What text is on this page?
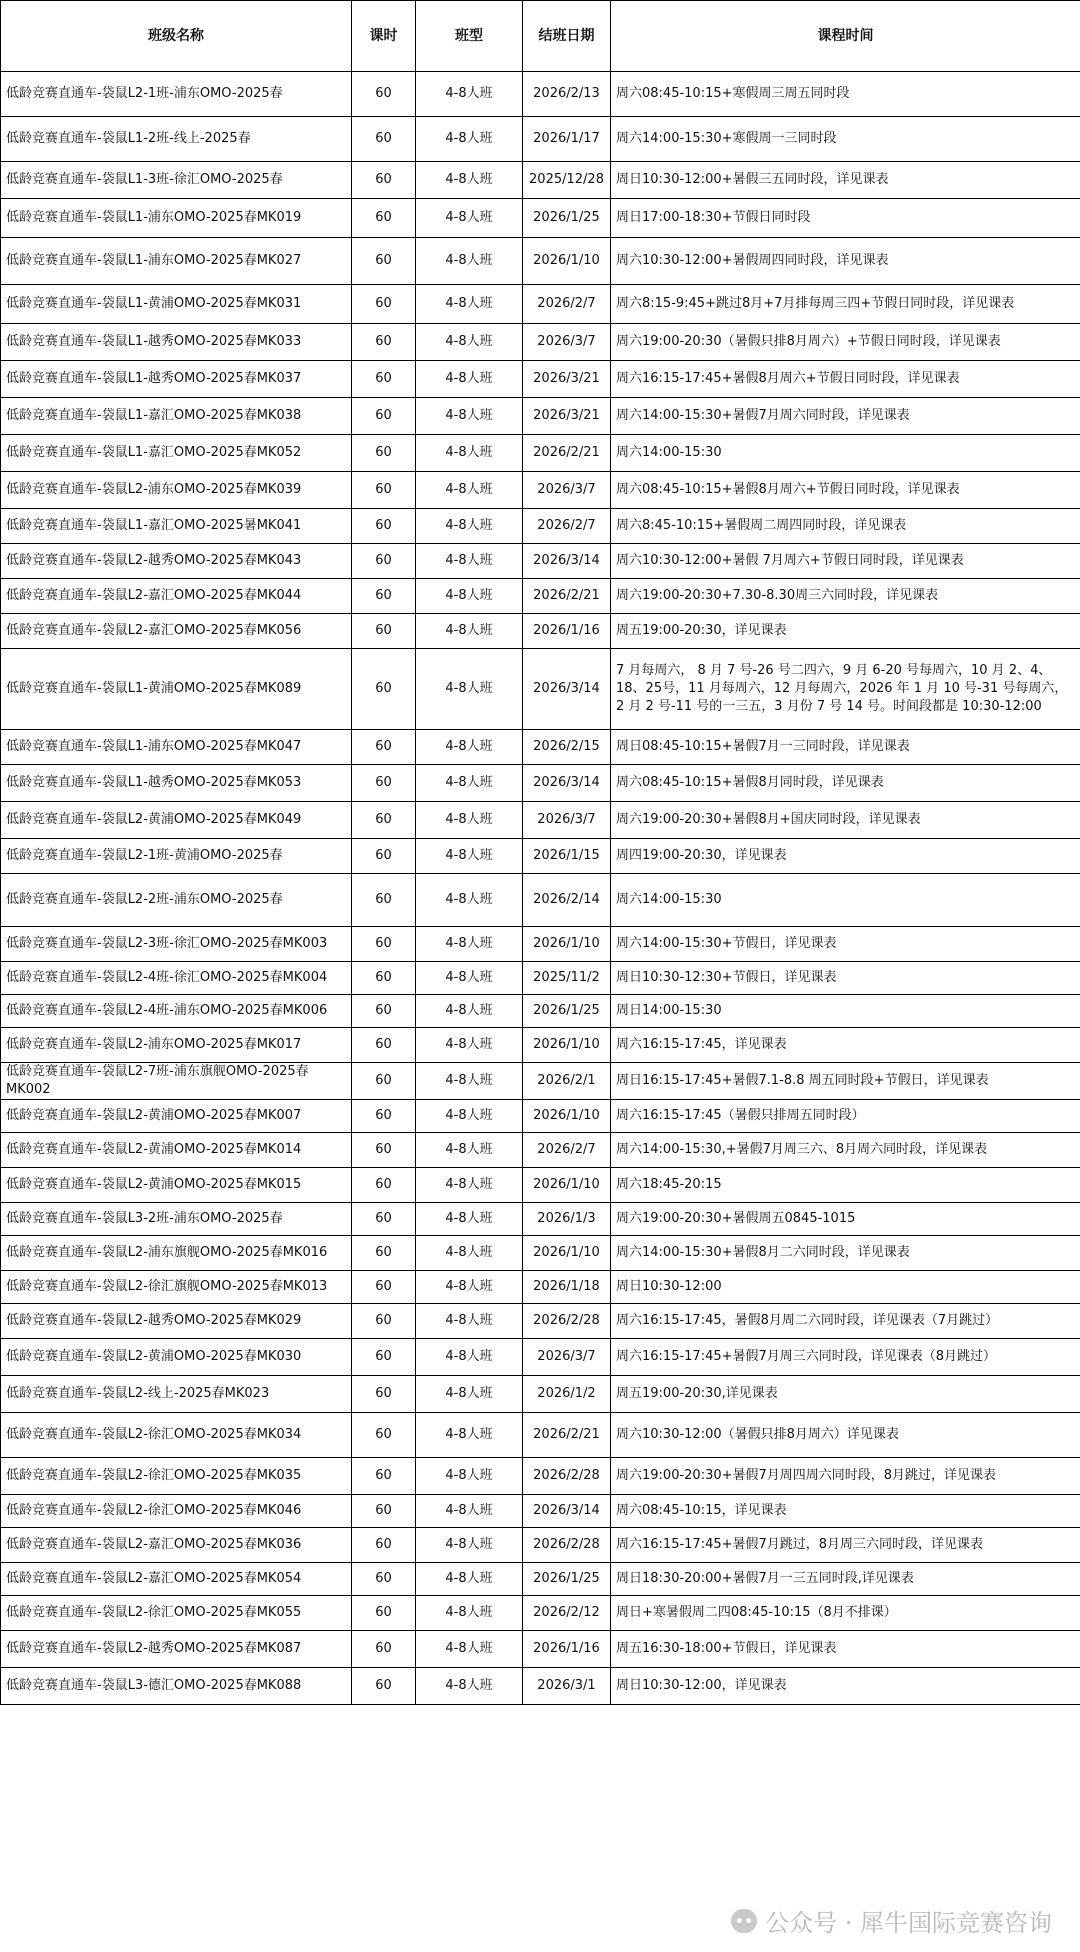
班级名称	课时	班型	结班日期	课程时间
低龄竞赛直通车-袋鼠L2-1班-浦东OMO-2025春	60	4-8人班	2026/2/13	周六08:45-10:15+寒假周三周五同时段
低龄竞赛直通车-袋鼠L1-2班-线上-2025春	60	4-8人班	2026/1/17	周六14:00-15:30+寒假周一三同时段
低龄竞赛直通车-袋鼠L1-3班-徐汇OMO-2025春	60	4-8人班	2025/12/28	周日10:30-12:00+暑假三五同时段，详见课表
低龄竞赛直通车-袋鼠L1-浦东OMO-2025春MK019	60	4-8人班	2026/1/25	周日17:00-18:30+节假日同时段
低龄竞赛直通车-袋鼠L1-浦东OMO-2025春MK027	60	4-8人班	2026/1/10	周六10:30-12:00+暑假周四同时段，详见课表
低龄竞赛直通车-袋鼠L1-黄浦OMO-2025春MK031	60	4-8人班	2026/2/7	周六8:15-9:45+跳过8月+7月排每周三四+节假日同时段，详见课表
低龄竞赛直通车-袋鼠L1-越秀OMO-2025春MK033	60	4-8人班	2026/3/7	周六19:00-20:30（暑假只排8月周六）+节假日同时段，详见课表
低龄竞赛直通车-袋鼠L1-越秀OMO-2025春MK037	60	4-8人班	2026/3/21	周六16:15-17:45+暑假8月周六+节假日同时段，详见课表
低龄竞赛直通车-袋鼠L1-嘉汇OMO-2025春MK038	60	4-8人班	2026/3/21	周六14:00-15:30+暑假7月周六同时段，详见课表
低龄竞赛直通车-袋鼠L1-嘉汇OMO-2025春MK052	60	4-8人班	2026/2/21	周六14:00-15:30
低龄竞赛直通车-袋鼠L2-浦东OMO-2025春MK039	60	4-8人班	2026/3/7	周六08:45-10:15+暑假8月周六+节假日同时段，详见课表
低龄竞赛直通车-袋鼠L1-嘉汇OMO-2025暑MK041	60	4-8人班	2026/2/7	周六8:45-10:15+暑假周二周四同时段，详见课表
低龄竞赛直通车-袋鼠L2-越秀OMO-2025春MK043	60	4-8人班	2026/3/14	周六10:30-12:00+暑假 7月周六+节假日同时段，详见课表
低龄竞赛直通车-袋鼠L2-嘉汇OMO-2025春MK044	60	4-8人班	2026/2/21	周六19:00-20:30+7.30-8.30周三六同时段，详见课表
低龄竞赛直通车-袋鼠L2-嘉汇OMO-2025春MK056	60	4-8人班	2026/1/16	周五19:00-20:30，详见课表
低龄竞赛直通车-袋鼠L1-黄浦OMO-2025春MK089	60	4-8人班	2026/3/14	7 月每周六， 8 月 7 号-26 号二四六，9 月 6-20 号每周六，10 月 2、4、18、25号，11 月每周六，12 月每周六，2026 年 1 月 10 号-31 号每周六，2 月 2 号-11 号的一三五，3 月份 7 号 14 号。时间段都是 10:30-12:00
低龄竞赛直通车-袋鼠L1-浦东OMO-2025春MK047	60	4-8人班	2026/2/15	周日08:45-10:15+暑假7月一三同时段，详见课表
低龄竞赛直通车-袋鼠L1-越秀OMO-2025春MK053	60	4-8人班	2026/3/14	周六08:45-10:15+暑假8月同时段，详见课表
低龄竞赛直通车-袋鼠L2-黄浦OMO-2025春MK049	60	4-8人班	2026/3/7	周六19:00-20:30+暑假8月+国庆同时段，详见课表
低龄竞赛直通车-袋鼠L2-1班-黄浦OMO-2025春	60	4-8人班	2026/1/15	周四19:00-20:30，详见课表
低龄竞赛直通车-袋鼠L2-2班-浦东OMO-2025春	60	4-8人班	2026/2/14	周六14:00-15:30
低龄竞赛直通车-袋鼠L2-3班-徐汇OMO-2025春MK003	60	4-8人班	2026/1/10	周六14:00-15:30+节假日，详见课表
低龄竞赛直通车-袋鼠L2-4班-徐汇OMO-2025春MK004	60	4-8人班	2025/11/2	周日10:30-12:30+节假日，详见课表
低龄竞赛直通车-袋鼠L2-4班-浦东OMO-2025春MK006	60	4-8人班	2026/1/25	周日14:00-15:30
低龄竞赛直通车-袋鼠L2-浦东OMO-2025春MK017	60	4-8人班	2026/1/10	周六16:15-17:45，详见课表
低龄竞赛直通车-袋鼠L2-7班-浦东旗舰OMO-2025春MK002	60	4-8人班	2026/2/1	周日16:15-17:45+暑假7.1-8.8 周五同时段+节假日，详见课表
低龄竞赛直通车-袋鼠L2-黄浦OMO-2025春MK007	60	4-8人班	2026/1/10	周六16:15-17:45（暑假只排周五同时段）
低龄竞赛直通车-袋鼠L2-黄浦OMO-2025春MK014	60	4-8人班	2026/2/7	周六14:00-15:30,+暑假7月周三六、8月周六同时段，详见课表
低龄竞赛直通车-袋鼠L2-黄浦OMO-2025春MK015	60	4-8人班	2026/1/10	周六18:45-20:15
低龄竞赛直通车-袋鼠L3-2班-浦东OMO-2025春	60	4-8人班	2026/1/3	周六19:00-20:30+暑假周五0845-1015
低龄竞赛直通车-袋鼠L2-浦东旗舰OMO-2025春MK016	60	4-8人班	2026/1/10	周六14:00-15:30+暑假8月二六同时段，详见课表
低龄竞赛直通车-袋鼠L2-徐汇旗舰OMO-2025春MK013	60	4-8人班	2026/1/18	周日10:30-12:00
低龄竞赛直通车-袋鼠L2-越秀OMO-2025春MK029	60	4-8人班	2026/2/28	周六16:15-17:45，暑假8月周二六同时段，详见课表（7月跳过）
低龄竞赛直通车-袋鼠L2-黄浦OMO-2025春MK030	60	4-8人班	2026/3/7	周六16:15-17:45+暑假7月周三六同时段，详见课表（8月跳过）
低龄竞赛直通车-袋鼠L2-线上-2025春MK023	60	4-8人班	2026/1/2	周五19:00-20:30,详见课表
低龄竞赛直通车-袋鼠L2-徐汇OMO-2025春MK034	60	4-8人班	2026/2/21	周六10:30-12:00（暑假只排8月周六）详见课表
低龄竞赛直通车-袋鼠L2-徐汇OMO-2025春MK035	60	4-8人班	2026/2/28	周六19:00-20:30+暑假7月周四周六同时段，8月跳过，详见课表
低龄竞赛直通车-袋鼠L2-徐汇OMO-2025春MK046	60	4-8人班	2026/3/14	周六08:45-10:15，详见课表
低龄竞赛直通车-袋鼠L2-嘉汇OMO-2025春MK036	60	4-8人班	2026/2/28	周六16:15-17:45+暑假7月跳过，8月周三六同时段，详见课表
低龄竞赛直通车-袋鼠L2-嘉汇OMO-2025春MK054	60	4-8人班	2026/1/25	周日18:30-20:00+暑假7月一三五同时段,详见课表
低龄竞赛直通车-袋鼠L2-徐汇OMO-2025春MK055	60	4-8人班	2026/2/12	周日+寒暑假周二四08:45-10:15（8月不排课）
低龄竞赛直通车-袋鼠L2-越秀OMO-2025春MK087	60	4-8人班	2026/1/16	周五16:30-18:00+节假日，详见课表
低龄竞赛直通车-袋鼠L3-德汇OMO-2025春MK088	60	4-8人班	2026/3/1	周日10:30-12:00，详见课表
公众号 · 犀牛国际竞赛咨询
